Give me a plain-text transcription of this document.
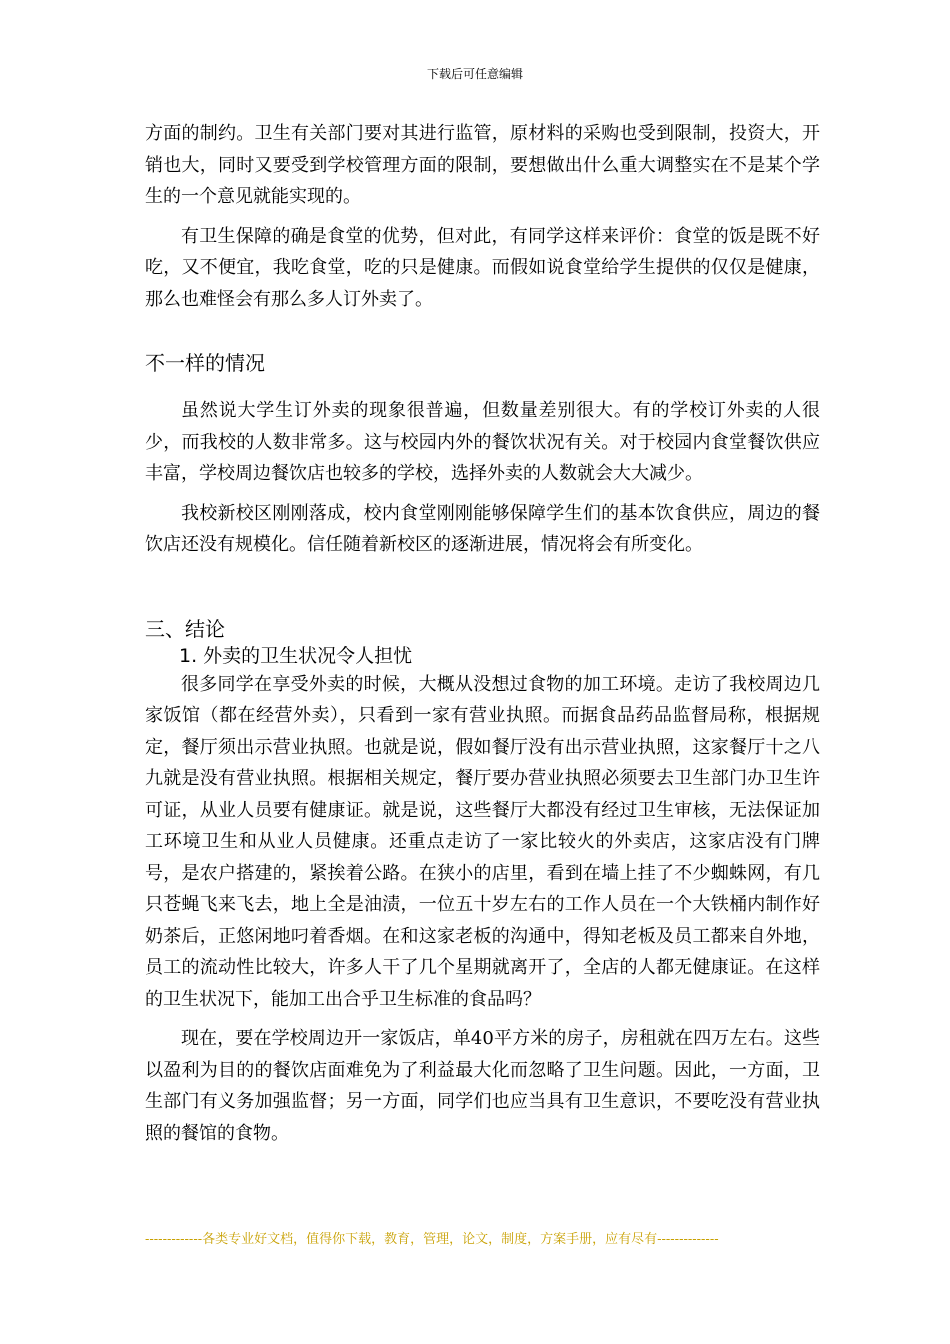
下载后可任意编辑

方面的制约。卫生有关部门要对其进行监管，原材料的采购也受到限制，投资大，开销也大，同时又要受到学校管理方面的限制，要想做出什么重大调整实在不是某个学生的一个意见就能实现的。

有卫生保障的确是食堂的优势，但对此，有同学这样来评价：食堂的饭是既不好吃，又不便宜，我吃食堂，吃的只是健康。而假如说食堂给学生提供的仅仅是健康，那么也难怪会有那么多人订外卖了。

不一样的情况

虽然说大学生订外卖的现象很普遍，但数量差别很大。有的学校订外卖的人很少，而我校的人数非常多。这与校园内外的餐饮状况有关。对于校园内食堂餐饮供应丰富，学校周边餐饮店也较多的学校，选择外卖的人数就会大大减少。

我校新校区刚刚落成，校内食堂刚刚能够保障学生们的基本饮食供应，周边的餐饮店还没有规模化。信任随着新校区的逐渐进展，情况将会有所变化。

三、结论
1. 外卖的卫生状况令人担忧

很多同学在享受外卖的时候，大概从没想过食物的加工环境。走访了我校周边几家饭馆（都在经营外卖），只看到一家有营业执照。而据食品药品监督局称，根据规定，餐厅须出示营业执照。也就是说，假如餐厅没有出示营业执照，这家餐厅十之八九就是没有营业执照。根据相关规定，餐厅要办营业执照必须要去卫生部门办卫生许可证，从业人员要有健康证。就是说，这些餐厅大都没有经过卫生审核，无法保证加工环境卫生和从业人员健康。还重点走访了一家比较火的外卖店，这家店没有门牌号，是农户搭建的，紧挨着公路。在狭小的店里，看到在墙上挂了不少蜘蛛网，有几只苍蝇飞来飞去，地上全是油渍，一位五十岁左右的工作人员在一个大铁桶内制作好奶茶后，正悠闲地叼着香烟。在和这家老板的沟通中，得知老板及员工都来自外地，员工的流动性比较大，许多人干了几个星期就离开了，全店的人都无健康证。在这样的卫生状况下，能加工出合乎卫生标准的食品吗？

现在，要在学校周边开一家饭店，单40平方米的房子，房租就在四万左右。这些以盈利为目的的餐饮店面难免为了利益最大化而忽略了卫生问题。因此，一方面，卫生部门有义务加强监督；另一方面，同学们也应当具有卫生意识，不要吃没有营业执照的餐馆的食物。

-------------各类专业好文档，值得你下载，教育，管理，论文，制度，方案手册，应有尽有--------------
